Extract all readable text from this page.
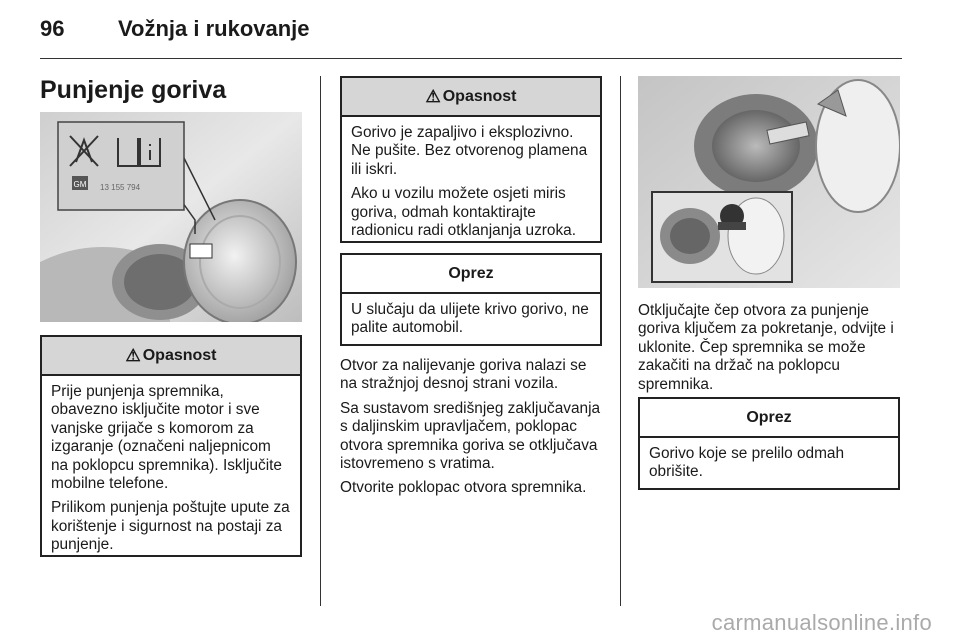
96 Vožnja i rukovanje
Punjenje goriva
GM 13 155 794
⚠ Opasnost

Prije punjenja spremnika, obavezno isključite motor i sve vanjske grijače s komorom za izgaranje (označeni naljepnicom na poklopcu spremnika). Isključite mobilne telefone.

Prilikom punjenja poštujte upute za korištenje i sigurnost na postaji za punjenje.

⚠ Opasnost

Gorivo je zapaljivo i eksplozivno. Ne pušite. Bez otvorenog plamena ili iskri.

Ako u vozilu možete osjeti miris goriva, odmah kontaktirajte radionicu radi otklanjanja uzroka.

Oprez

U slučaju da ulijete krivo gorivo, ne palite automobil.

Otvor za nalijevanje goriva nalazi se na stražnjoj desnoj strani vozila.

Sa sustavom središnjeg zaključavanja s daljinskim upravljačem, poklopac otvora spremnika goriva se otključava istovremeno s vratima.

Otvorite poklopac otvora spremnika.

Otključajte čep otvora za punjenje goriva ključem za pokretanje, odvijte i uklonite. Čep spremnika se može zakačiti na držač na poklopcu spremnika.

Oprez

Gorivo koje se prelilo odmah obrišite.

carmanualsonline.info
